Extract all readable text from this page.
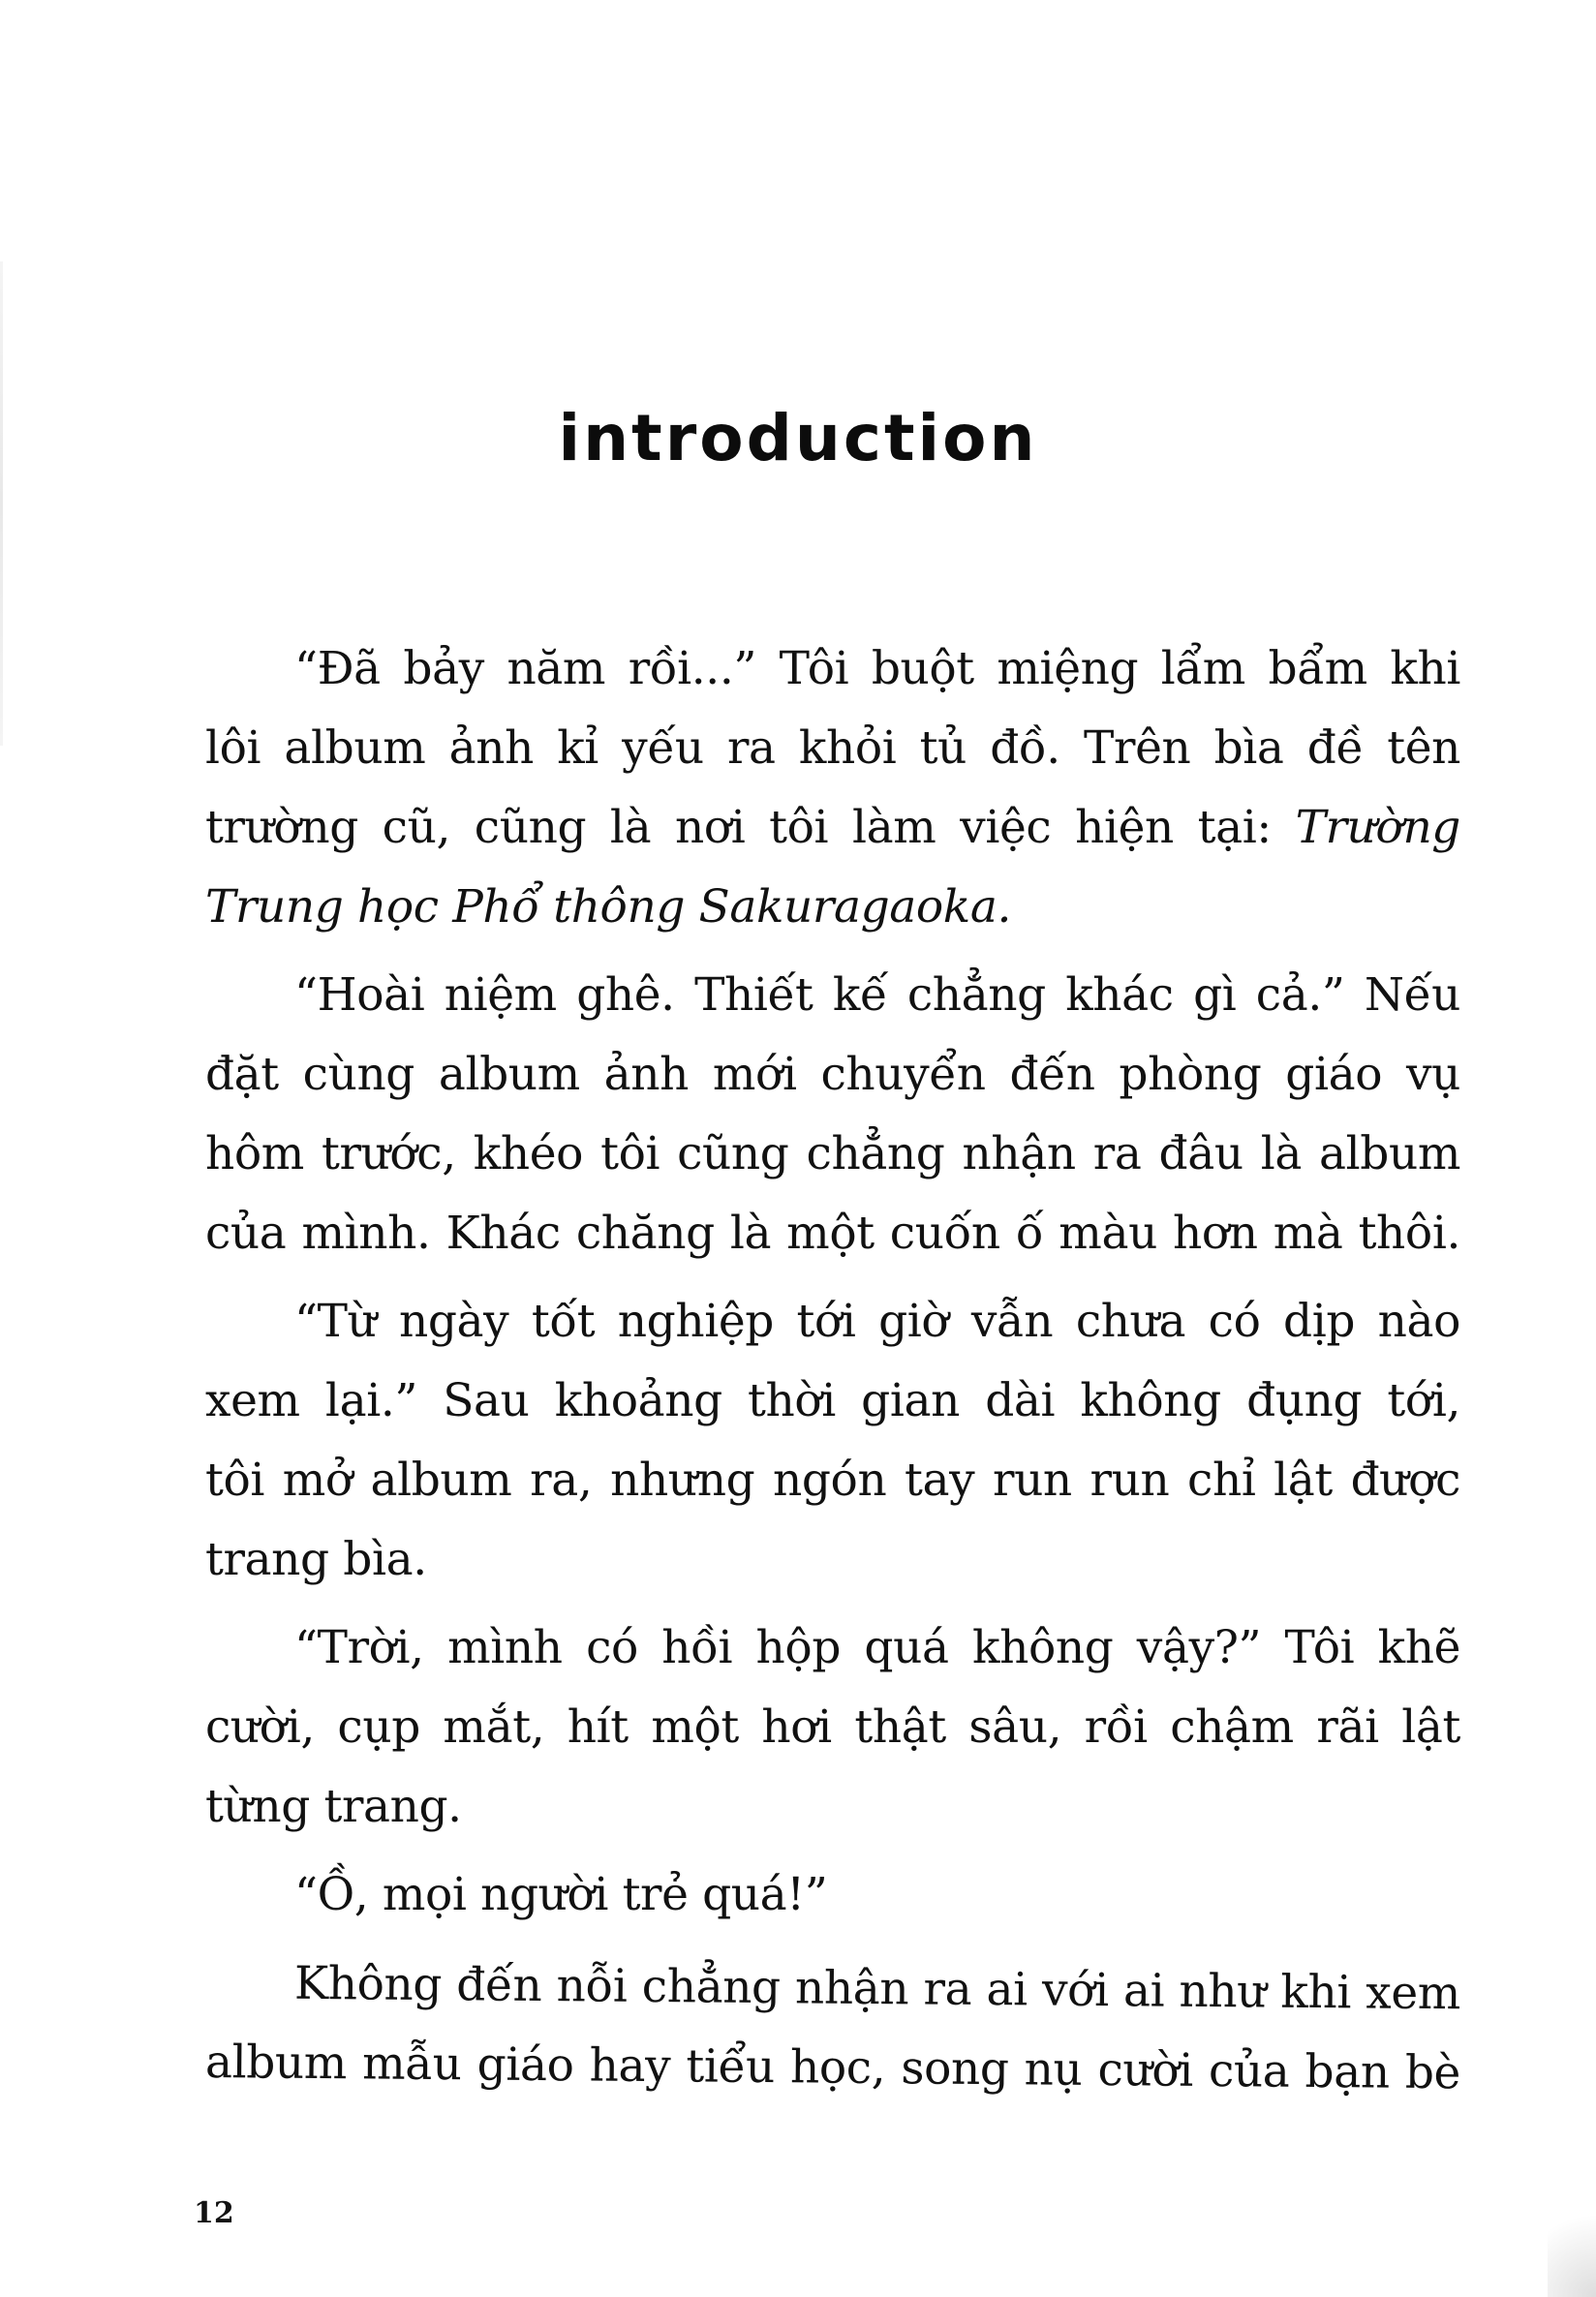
introduction
“Đã bảy năm rồi...” Tôi buột miệng lẩm bẩm khi
lôi album ảnh kỉ yếu ra khỏi tủ đồ. Trên bìa đề tên
trường cũ, cũng là nơi tôi làm việc hiện tại: Trường
Trung học Phổ thông Sakuragaoka.
“Hoài niệm ghê. Thiết kế chẳng khác gì cả.” Nếu
đặt cùng album ảnh mới chuyển đến phòng giáo vụ
hôm trước, khéo tôi cũng chẳng nhận ra đâu là album
của mình. Khác chăng là một cuốn ố màu hơn mà thôi.
“Từ ngày tốt nghiệp tới giờ vẫn chưa có dịp nào
xem lại.” Sau khoảng thời gian dài không đụng tới,
tôi mở album ra, nhưng ngón tay run run chỉ lật được
trang bìa.
“Trời, mình có hồi hộp quá không vậy?” Tôi khẽ
cười, cụp mắt, hít một hơi thật sâu, rồi chậm rãi lật
từng trang.
“Ồ, mọi người trẻ quá!”
Không đến nỗi chẳng nhận ra ai với ai như khi xem
album mẫu giáo hay tiểu học, song nụ cười của bạn bè
12
